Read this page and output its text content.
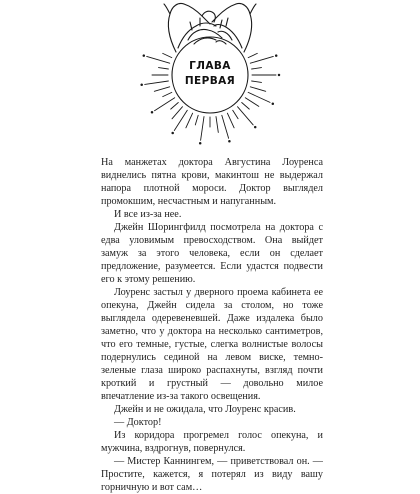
ГЛАВА
ПЕРВАЯ

На манжетах доктора Августина Лоуренса виднелись пятна крови, макинтош не выдержал напора плотной мороси. Доктор выглядел промокшим, несчастным и напуганным.

И все из-за нее.

Джейн Шорингфилд посмотрела на доктора с едва уловимым превосходством. Она выйдет замуж за этого человека, если он сделает предложение, разумеется. Если удастся подвести его к этому решению.

Лоуренс застыл у дверного проема кабинета ее опекуна, Джейн сидела за столом, но тоже выглядела одеревеневшей. Даже издалека было заметно, что у доктора на несколько сантиметров, что его темные, густые, слегка волнистые волосы подернулись сединой на левом виске, темно-зеленые глаза широко распахнуты, взгляд почти кроткий и грустный — довольно милое впечатление из-за такого освещения.

Джейн и не ожидала, что Лоуренс красив.

— Доктор!

Из коридора прогремел голос опекуна, и мужчина, вздрогнув, повернулся.

— Мистер Каннингем, — приветствовал он. — Простите, кажется, я потерял из виду вашу горничную и вот сам…
